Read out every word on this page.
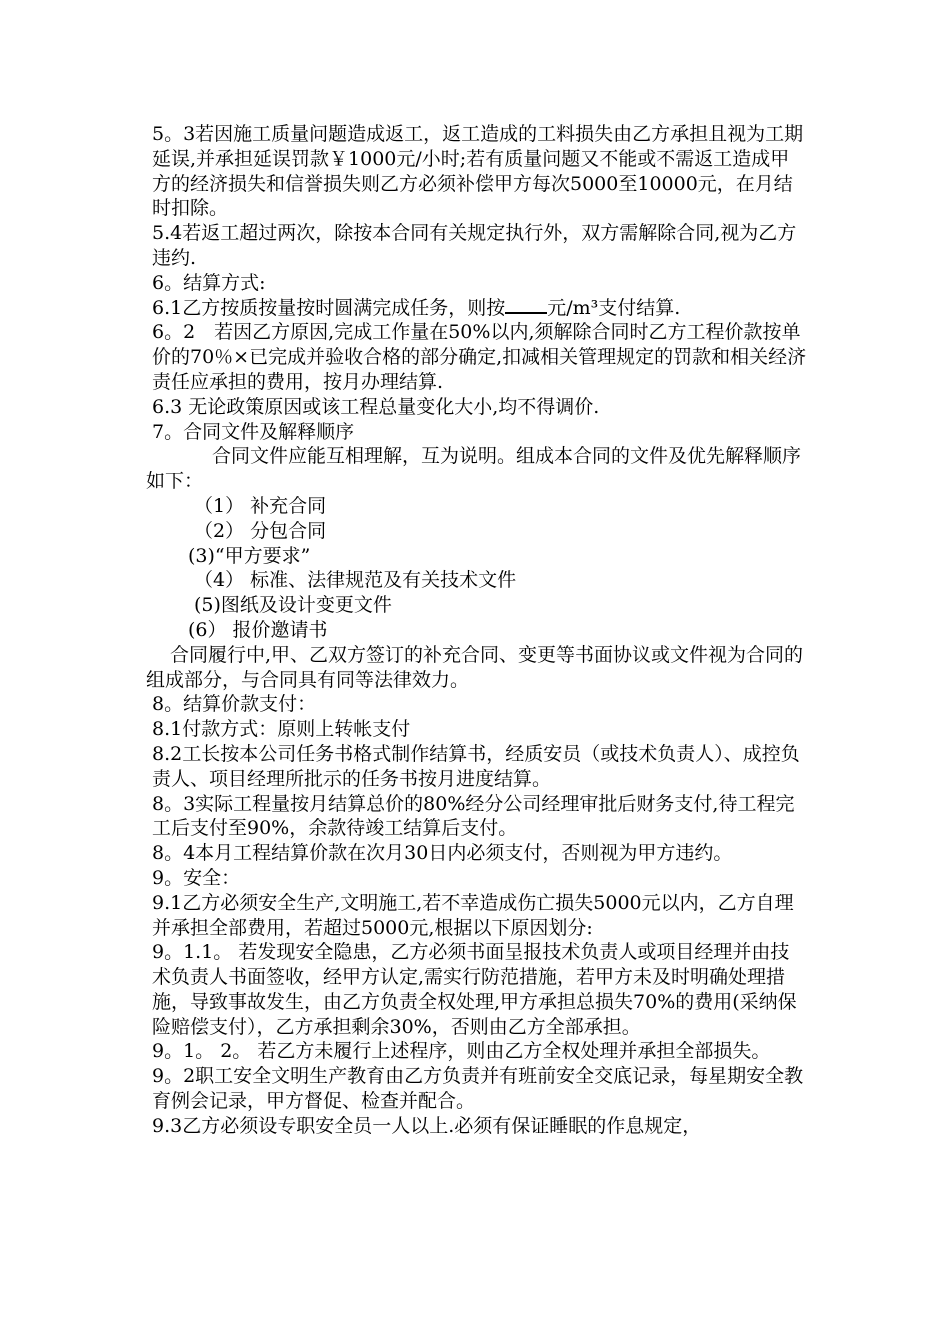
5。3若因施工质量问题造成返工，返工造成的工料损失由乙方承担且视为工期延误,并承担延误罚款￥1000元/小时;若有质量问题又不能或不需返工造成甲方的经济损失和信誉损失则乙方必须补偿甲方每次5000至10000元，在月结时扣除。

5.4若返工超过两次，除按本合同有关规定执行外，双方需解除合同,视为乙方违约.

6。结算方式:

6.1乙方按质按量按时圆满完成任务，则按 元/m³支付结算.

6。2　若因乙方原因,完成工作量在50%以内,须解除合同时乙方工程价款按单价的70％×已完成并验收合格的部分确定,扣减相关管理规定的罚款和相关经济责任应承担的费用，按月办理结算.

6.3 无论政策原因或该工程总量变化大小,均不得调价.

7。合同文件及解释顺序

合同文件应能互相理解，互为说明。组成本合同的文件及优先解释顺序如下：

（1） 补充合同

（2） 分包合同

(3)“甲方要求”

（4） 标准、法律规范及有关技术文件

(5)图纸及设计变更文件

(6） 报价邀请书

合同履行中,甲、乙双方签订的补充合同、变更等书面协议或文件视为合同的组成部分，与合同具有同等法律效力。

8。结算价款支付：

8.1付款方式：原则上转帐支付

8.2工长按本公司任务书格式制作结算书，经质安员（或技术负责人）、成控负责人、项目经理所批示的任务书按月进度结算。

8。3实际工程量按月结算总价的80%经分公司经理审批后财务支付,待工程完工后支付至90%，余款待竣工结算后支付。

8。4本月工程结算价款在次月30日内必须支付，否则视为甲方违约。

9。安全：

9.1乙方必须安全生产,文明施工,若不幸造成伤亡损失5000元以内，乙方自理并承担全部费用，若超过5000元,根据以下原因划分:

9。1.1。 若发现安全隐患，乙方必须书面呈报技术负责人或项目经理并由技术负责人书面签收，经甲方认定,需实行防范措施，若甲方未及时明确处理措施，导致事故发生，由乙方负责全权处理,甲方承担总损失70%的费用(采纳保险赔偿支付），乙方承担剩余30%，否则由乙方全部承担。

9。1。 2。 若乙方未履行上述程序，则由乙方全权处理并承担全部损失。

9。2职工安全文明生产教育由乙方负责并有班前安全交底记录，每星期安全教育例会记录，甲方督促、检查并配合。

9.3乙方必须设专职安全员一人以上.必须有保证睡眠的作息规定，
